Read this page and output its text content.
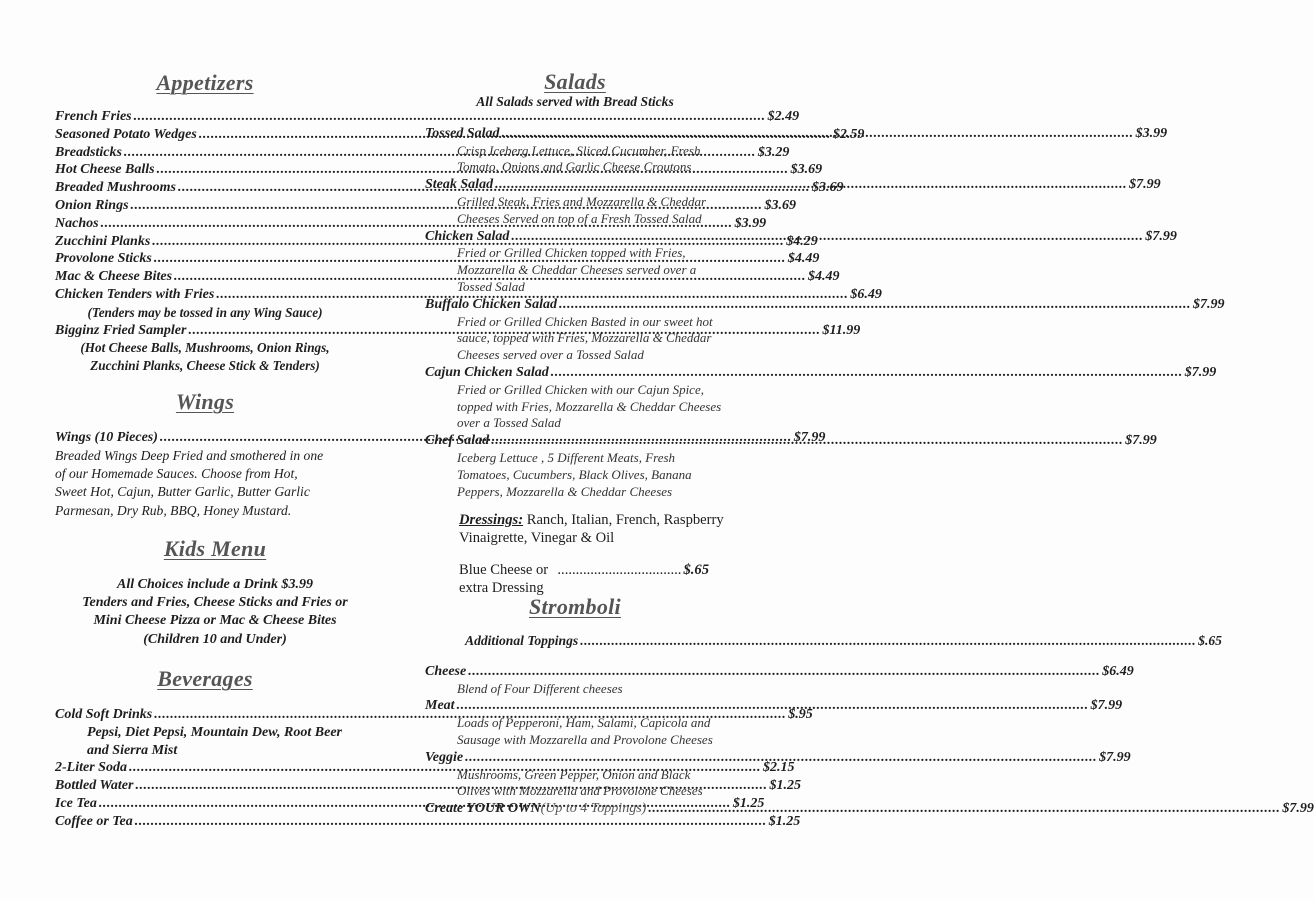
Appetizers
French Fries .....	$2.49
Seasoned Potato Wedges .....	$2.59
Breadsticks .....	$3.29
Hot Cheese Balls .....	$3.69
Breaded Mushrooms .....	$3.69
Onion Rings .....	$3.69
Nachos .....	$3.99
Zucchini Planks .....	$4.29
Provolone Sticks .....	$4.49
Mac & Cheese Bites .....	$4.49
Chicken Tenders with Fries .....	$6.49
(Tenders may be tossed in any Wing Sauce)
Bigginz Fried Sampler .....	$11.99
(Hot Cheese Balls, Mushrooms, Onion Rings,
Zucchini Planks, Cheese Stick & Tenders)
Wings
Wings (10 Pieces) .....	$7.99
Breaded Wings Deep Fried and smothered in one
of our Homemade Sauces. Choose from Hot,
Sweet Hot, Cajun, Butter Garlic, Butter Garlic
Parmesan, Dry Rub, BBQ, Honey Mustard.
Kids Menu
All Choices include a Drink $3.99
Tenders and Fries, Cheese Sticks and Fries or
Mini Cheese Pizza or Mac & Cheese Bites
(Children 10 and Under)
Beverages
Cold Soft Drinks .....	$.95
Pepsi, Diet Pepsi, Mountain Dew, Root Beer
and Sierra Mist
2-Liter Soda .....	$2.15
Bottled Water .....	$1.25
Ice Tea .....	$1.25
Coffee or Tea .....	$1.25
Salads
All Salads served with Bread Sticks
Tossed Salad .....	$3.99
Crisp Iceberg Lettuce, Sliced Cucumber, Fresh
Tomato, Onions and Garlic Cheese Croutons
Steak Salad .....	$7.99
Grilled Steak, Fries and Mozzarella & Cheddar
Cheeses Served on top of a Fresh Tossed Salad
Chicken Salad .....	$7.99
Fried or Grilled Chicken topped with Fries,
Mozzarella & Cheddar Cheeses served over a
Tossed Salad
Buffalo Chicken Salad .....	$7.99
Fried or Grilled Chicken Basted in our sweet hot
sauce, topped with Fries, Mozzarella & Cheddar
Cheeses served over a Tossed Salad
Cajun Chicken Salad .....	$7.99
Fried or Grilled Chicken with our Cajun Spice,
topped with Fries, Mozzarella & Cheddar Cheeses
over a Tossed Salad
Chef Salad .....	$7.99
Iceberg Lettuce , 5 Different Meats, Fresh
Tomatoes, Cucumbers, Black Olives, Banana
Peppers, Mozzarella & Cheddar Cheeses
Dressings: Ranch, Italian, French, Raspberry
Vinaigrette, Vinegar & Oil
Blue Cheese or extra Dressing
.................................. $.65
Stromboli
Additional Toppings .....	$.65
Cheese .....	$6.49
Blend of Four Different cheeses
Meat .....	$7.99
Loads of Pepperoni, Ham, Salami, Capicola and
Sausage with Mozzarella and Provolone Cheeses
Veggie .....	$7.99
Mushrooms, Green Pepper, Onion and Black
Olives with Mozzarella and Provolone Cheeses
Create YOUR OWN (Up to 4 Toppings) .....	$7.99
